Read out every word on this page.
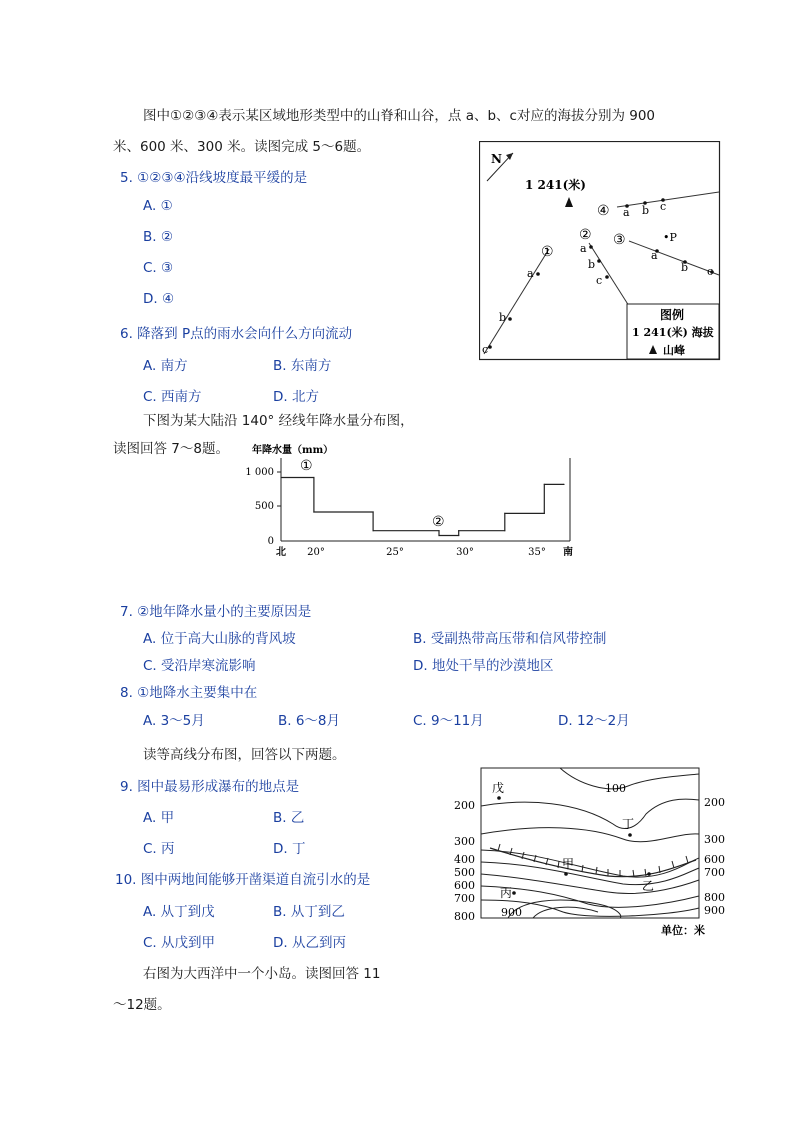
图中①②③④表示某区域地形类型中的山脊和山谷，点 a、b、c对应的海拔分别为 900
米、600 米、300 米。读图完成 5～6题。
5. ①②③④沿线坡度最平缓的是
A. ①
B. ②
C. ③
D. ④
6. 降落到 P点的雨水会向什么方向流动
A. 南方	B. 东南方
C. 西南方	D. 北方
下图为某大陆沿 140° 经线年降水量分布图，
读图回答 7～8题。
N
1 241(米)
①
a
b
c
②
a
b
c
③
a
b c
•P
④ a b c
图例
1 241(米) 海拔
山峰
年降水量（mm）
1 000
500
0
北 20°	25°	30°	35° 南
①
②
7. ②地年降水量小的主要原因是
A. 位于高大山脉的背风坡	B. 受副热带高压带和信风带控制
C. 受沿岸寒流影响	D. 地处干旱的沙漠地区
8. ①地降水主要集中在
A. 3～5月	B. 6～8月	C. 9～11月	D. 12～2月
读等高线分布图，回答以下两题。
9. 图中最易形成瀑布的地点是
A. 甲	B. 乙
C. 丙	D. 丁
10. 图中两地间能够开凿渠道自流引水的是
A. 从丁到戊	B. 从丁到乙
C. 从戊到甲	D. 从乙到丙
右图为大西洋中一个小岛。读图回答 11
～12题。
戊
丁
甲
乙
丙
100
900
200
300
400
500
600
700
800
200
300
600
700
800
900
单位：米
